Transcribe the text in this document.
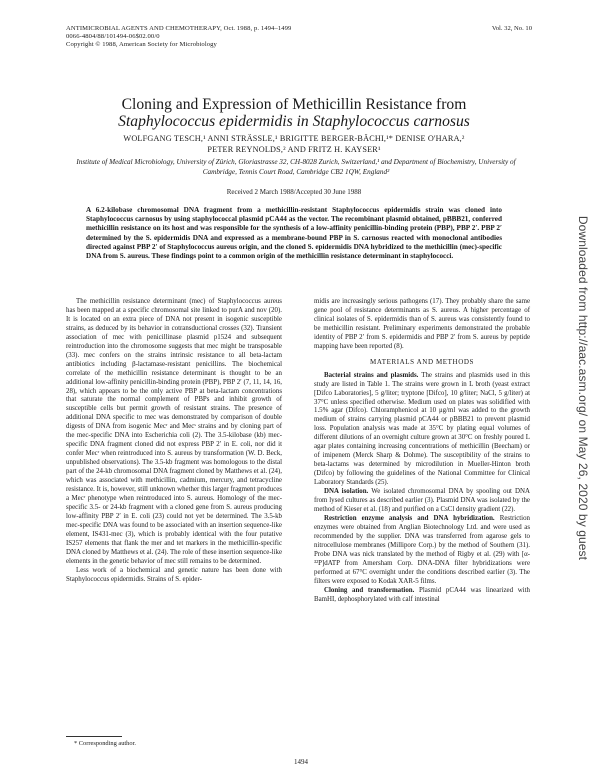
ANTIMICROBIAL AGENTS AND CHEMOTHERAPY, Oct. 1988, p. 1494–1499
0066-4804/88/101494-06$02.00/0
Copyright © 1988, American Society for Microbiology
Vol. 32, No. 10
Cloning and Expression of Methicillin Resistance from
Staphylococcus epidermidis in Staphylococcus carnosus
WOLFGANG TESCH,¹ ANNI STRÄSSLE,¹ BRIGITTE BERGER-BÄCHI,¹* DENISE O'HARA,²
PETER REYNOLDS,² AND FRITZ H. KAYSER¹
Institute of Medical Microbiology, University of Zürich, Gloriastrasse 32, CH-8028 Zurich, Switzerland,¹ and Department of Biochemistry, University of Cambridge, Tennis Court Road, Cambridge CB2 1QW, England²
Received 2 March 1988/Accepted 30 June 1988
A 6.2-kilobase chromosomal DNA fragment from a methicillin-resistant Staphylococcus epidermidis strain was cloned into Staphylococcus carnosus by using staphylococcal plasmid pCA44 as the vector. The recombinant plasmid obtained, pBBB21, conferred methicillin resistance on its host and was responsible for the synthesis of a low-affinity penicillin-binding protein (PBP), PBP 2′. PBP 2′ determined by the S. epidermidis DNA and expressed as a membrane-bound PBP in S. carnosus reacted with monoclonal antibodies directed against PBP 2′ of Staphylococcus aureus origin, and the cloned S. epidermidis DNA hybridized to the methicillin (mec)-specific DNA from S. aureus. These findings point to a common origin of the methicillin resistance determinant in staphylococci.

The methicillin resistance determinant (mec) of Staphylococcus aureus has been mapped at a specific chromosomal site linked to purA and nov (20). It is located on an extra piece of DNA not present in isogenic susceptible strains, as deduced by its behavior in cotransductional crosses (32). Transient association of mec with penicillinase plasmid p1524 and subsequent reintroduction into the chromosome suggests that mec might be transposable (33). mec confers on the strains intrinsic resistance to all beta-lactam antibiotics including β-lactamase-resistant penicillins. The biochemical correlate of the methicillin resistance determinant is thought to be an additional low-affinity penicillin-binding protein (PBP), PBP 2′ (7, 11, 14, 16, 28), which appears to be the only active PBP at beta-lactam concentrations that saturate the normal complement of PBPs and inhibit growth of susceptible cells but permit growth of resistant strains. The presence of additional DNA specific to mec was demonstrated by comparison of double digests of DNA from isogenic Mecʳ and Mecˢ strains and by cloning part of the mec-specific DNA into Escherichia coli (2). The 3.5-kilobase (kb) mec-specific DNA fragment cloned did not express PBP 2′ in E. coli, nor did it confer Mecʳ when reintroduced into S. aureus by transformation (W. D. Beck, unpublished observations). The 3.5-kb fragment was homologous to the distal part of the 24-kb chromosomal DNA fragment cloned by Matthews et al. (24), which was associated with methicillin, cadmium, mercury, and tetracycline resistance. It is, however, still unknown whether this larger fragment produces a Mecʳ phenotype when reintroduced into S. aureus. Homology of the mec-specific 3.5- or 24-kb fragment with a cloned gene from S. aureus producing low-affinity PBP 2′ in E. coli (23) could not yet be determined. The 3.5-kb mec-specific DNA was found to be associated with an insertion sequence-like element, IS431-mec (3), which is probably identical with the four putative IS257 elements that flank the mer and tet markers in the methicillin-specific DNA cloned by Matthews et al. (24). The role of these insertion sequence-like elements in the genetic behavior of mec still remains to be determined.

Less work of a biochemical and genetic nature has been done with Staphylococcus epidermidis. Strains of S. epider-

midis are increasingly serious pathogens (17). They probably share the same gene pool of resistance determinants as S. aureus. A higher percentage of clinical isolates of S. epidermidis than of S. aureus was consistently found to be methicillin resistant. Preliminary experiments demonstrated the probable identity of PBP 2′ from S. epidermidis and PBP 2′ from S. aureus by peptide mapping have been reported (8).

MATERIALS AND METHODS

Bacterial strains and plasmids. The strains and plasmids used in this study are listed in Table 1. The strains were grown in L broth (yeast extract [Difco Laboratories], 5 g/liter; tryptone [Difco], 10 g/liter; NaCl, 5 g/liter) at 37°C unless specified otherwise. Medium used on plates was solidified with 1.5% agar (Difco). Chloramphenicol at 10 μg/ml was added to the growth medium of strains carrying plasmid pCA44 or pBBB21 to prevent plasmid loss. Population analysis was made at 35°C by plating equal volumes of different dilutions of an overnight culture grown at 30°C on freshly poured L agar plates containing increasing concentrations of methicillin (Beecham) or of imipenem (Merck Sharp & Dohme). The susceptibility of the strains to beta-lactams was determined by microdilution in Mueller-Hinton broth (Difco) by following the guidelines of the National Committee for Clinical Laboratory Standards (25).

DNA isolation. We isolated chromosomal DNA by spooling out DNA from lysed cultures as described earlier (3). Plasmid DNA was isolated by the method of Kieser et al. (18) and purified on a CsCl density gradient (22).

Restriction enzyme analysis and DNA hybridization. Restriction enzymes were obtained from Anglian Biotechnology Ltd. and were used as recommended by the supplier. DNA was transferred from agarose gels to nitrocellulose membranes (Millipore Corp.) by the method of Southern (31). Probe DNA was nick translated by the method of Rigby et al. (29) with [α-³²P]dATP from Amersham Corp. DNA-DNA filter hybridizations were performed at 67°C overnight under the conditions described earlier (3). The filters were exposed to Kodak XAR-5 films.

Cloning and transformation. Plasmid pCA44 was linearized with BamHI, dephosphorylated with calf intestinal

* Corresponding author.
1494
Downloaded from http://aac.asm.org/ on May 26, 2020 by guest
